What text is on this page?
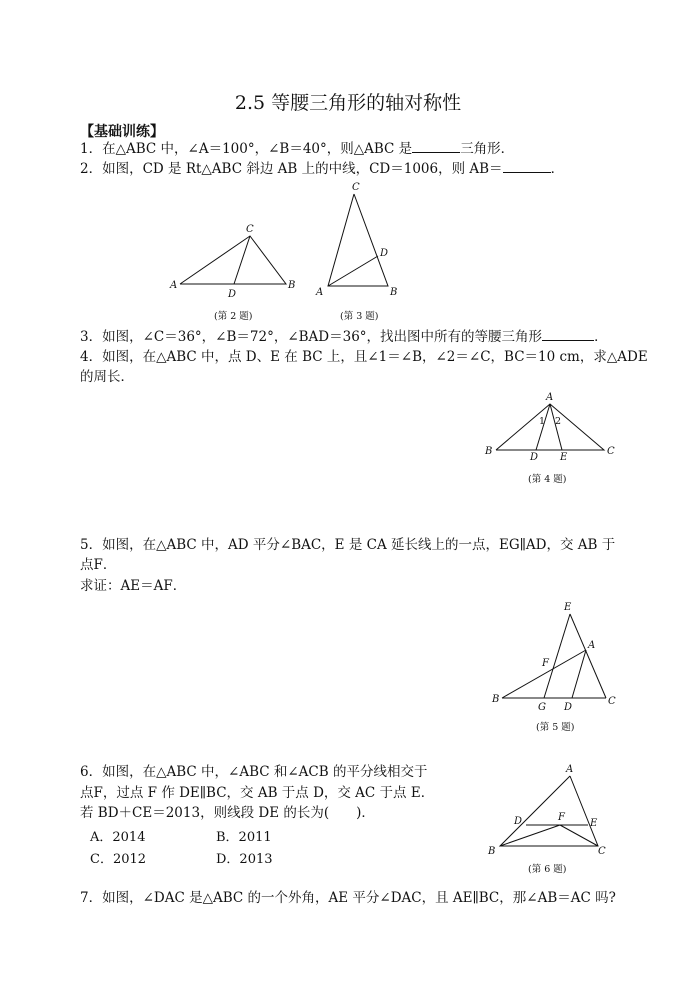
2.5 等腰三角形的轴对称性
【基础训练】
1．在△ABC 中，∠A＝100°，∠B＝40°，则△ABC 是	三角形．
2．如图，CD 是 Rt△ABC 斜边 AB 上的中线，CD＝1006，则 AB＝	．
A	B
C
D
(第 2 题)
C
D
A	B
(第 3 题)
3．如图，∠C＝36°，∠B＝72°，∠BAD＝36°，找出图中所有的等腰三角形	．
4．如图，在△ABC 中，点 D、E 在 BC 上，且∠1＝∠B，∠2＝∠C，BC＝10 cm，求△ADE
的周长．
A
B	C
D E
1 2
(第 4 题)
5．如图，在△ABC 中，AD 平分∠BAC，E 是 CA 延长线上的一点，EG∥AD，交 AB 于
点F．
求证：AE＝AF．
E
A
F
B	C
G D
(第 5 题)
6．如图，在△ABC 中，∠ABC 和∠ACB 的平分线相交于
点F，过点 F 作 DE∥BC，交 AB 于点 D，交 AC 于点 E．
若 BD＋CE＝2013，则线段 DE 的长为(　　)．
A．2014	B．2011
C．2012	D．2013
A
D	F
E
B	C
(第 6 题)
7．如图，∠DAC 是△ABC 的一个外角，AE 平分∠DAC，且 AE∥BC，那∠AB＝AC 吗?
